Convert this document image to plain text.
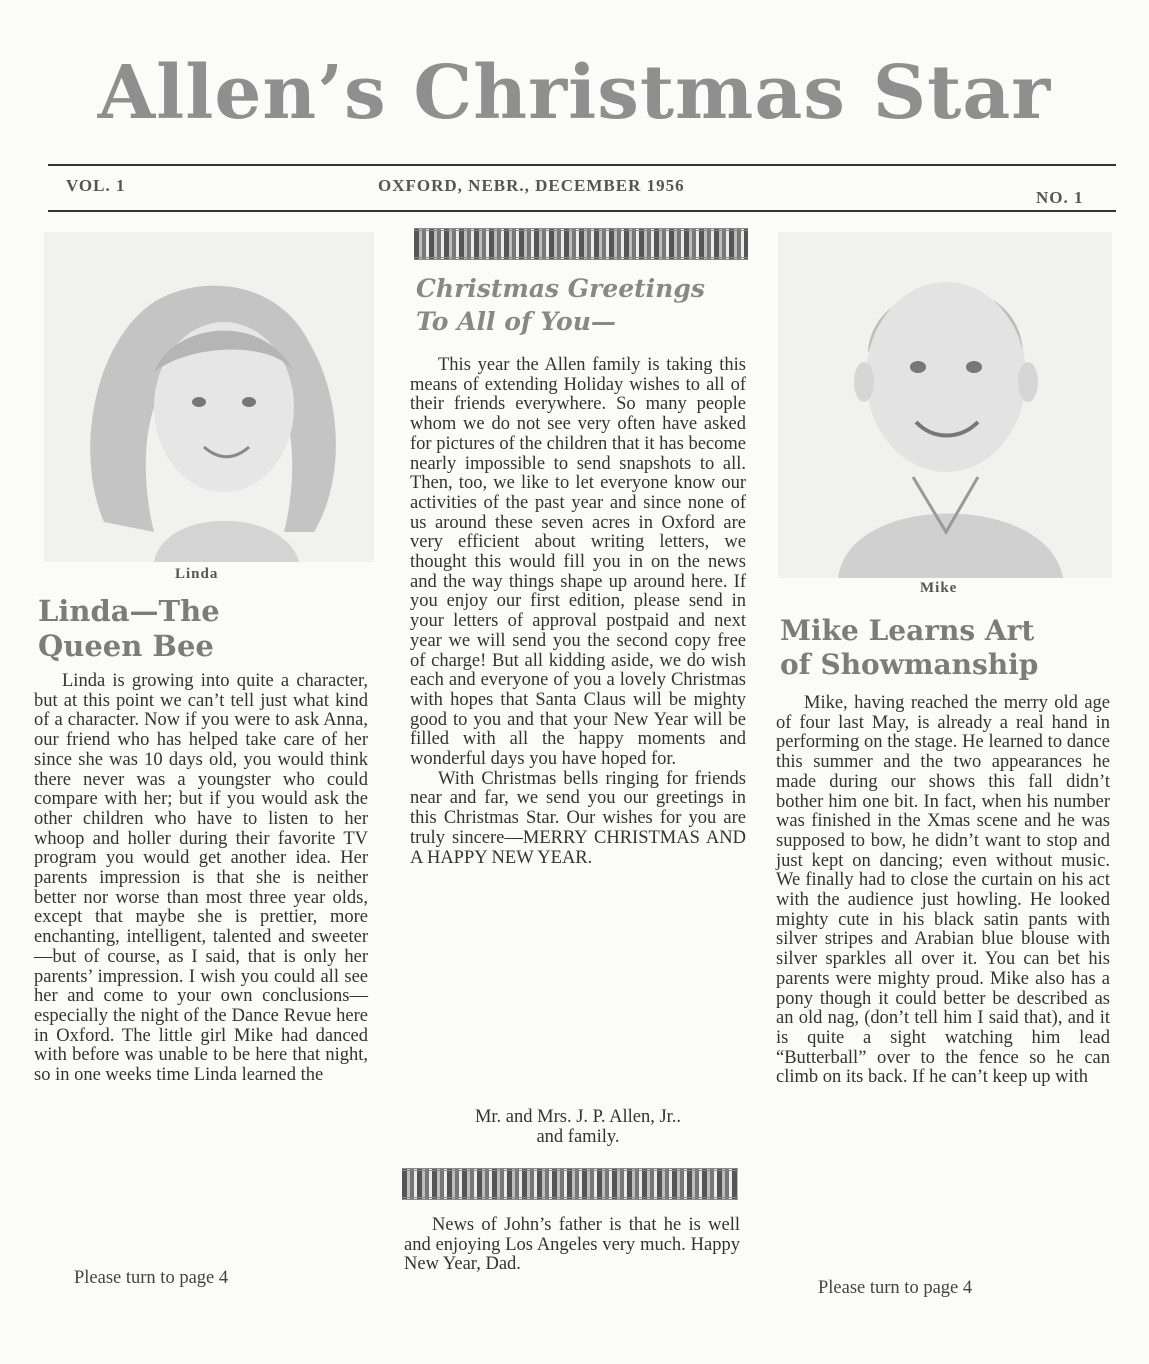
Allen’s Christmas Star
VOL. 1	OXFORD, NEBR., DECEMBER 1956
NO. 1
Linda
Linda—The
Queen Bee

Linda is growing into quite a character, but at this point we can’t tell just what kind of a character. Now if you were to ask Anna, our friend who has helped take care of her since she was 10 days old, you would think there never was a youngster who could compare with her; but if you would ask the other children who have to listen to her whoop and holler during their favorite TV program you would get another idea. Her parents impression is that she is neither better nor worse than most three year olds, except that maybe she is prettier, more enchanting, intelligent, talented and sweeter —but of course, as I said, that is only her parents’ impression. I wish you could all see her and come to your own conclusions—especially the night of the Dance Revue here in Oxford. The little girl Mike had danced with before was unable to be here that night, so in one weeks time Linda learned the

Please turn to page 4
Christmas Greetings
To All of You—

This year the Allen family is taking this means of extending Holiday wishes to all of their friends everywhere. So many people whom we do not see very often have asked for pictures of the children that it has become nearly impossible to send snapshots to all. Then, too, we like to let everyone know our activities of the past year and since none of us around these seven acres in Oxford are very efficient about writing letters, we thought this would fill you in on the news and the way things shape up around here. If you enjoy our first edition, please send in your letters of approval postpaid and next year we will send you the second copy free of charge! But all kidding aside, we do wish each and everyone of you a lovely Christmas with hopes that Santa Claus will be mighty good to you and that your New Year will be filled with all the happy moments and wonderful days you have hoped for.

With Christmas bells ringing for friends near and far, we send you our greetings in this Christmas Star. Our wishes for you are truly sincere—MERRY CHRISTMAS AND A HAPPY NEW YEAR.

Mr. and Mrs. J. P. Allen, Jr..
and family.

News of John’s father is that he is well and enjoying Los Angeles very much. Happy New Year, Dad.

Mike
Mike Learns Art
of Showmanship

Mike, having reached the merry old age of four last May, is already a real hand in performing on the stage. He learned to dance this summer and the two appearances he made during our shows this fall didn’t bother him one bit. In fact, when his number was finished in the Xmas scene and he was supposed to bow, he didn’t want to stop and just kept on dancing; even without music. We finally had to close the curtain on his act with the audience just howling. He looked mighty cute in his black satin pants with silver stripes and Arabian blue blouse with silver sparkles all over it. You can bet his parents were mighty proud. Mike also has a pony though it could better be described as an old nag, (don’t tell him I said that), and it is quite a sight watching him lead “Butterball” over to the fence so he can climb on its back. If he can’t keep up with

Please turn to page 4
